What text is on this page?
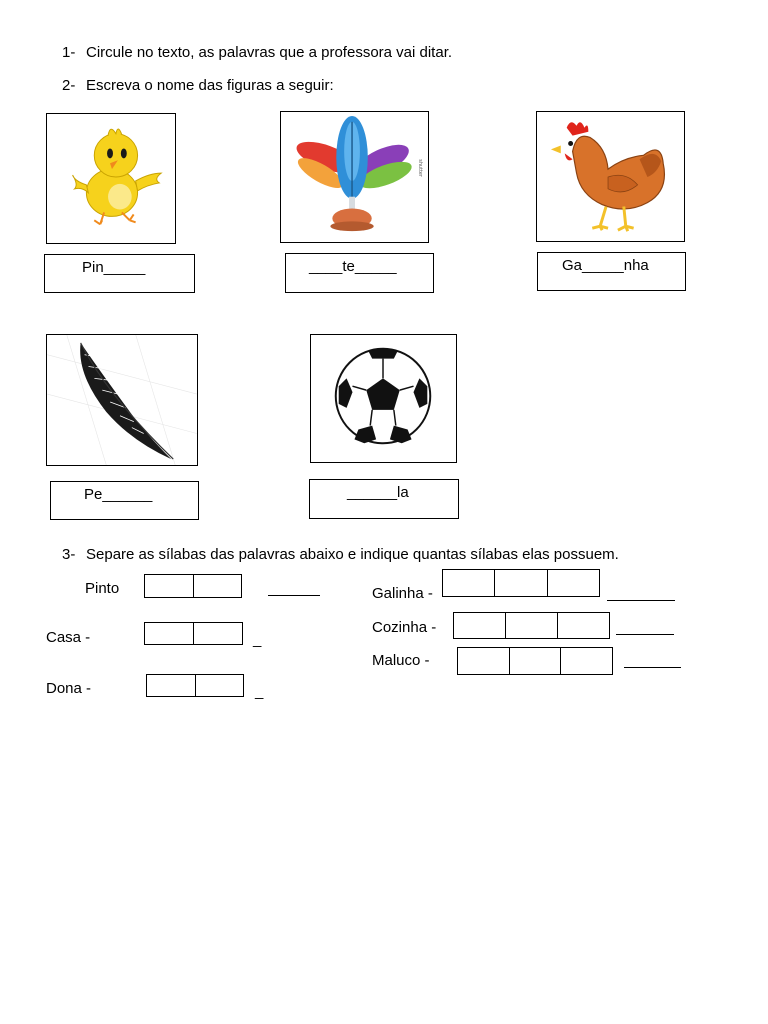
1- Circule no texto, as palavras que a professora vai ditar.
2- Escreva o nome das figuras a seguir:
Pin_____
shutter
____te_____	Ga_____nha
Pe______	______la
3- Separe as sílabas das palavras abaixo e indique quantas sílabas elas possuem.
Pinto
Casa -	_
Dona -	_
Galinha -
Cozinha -
Maluco -
